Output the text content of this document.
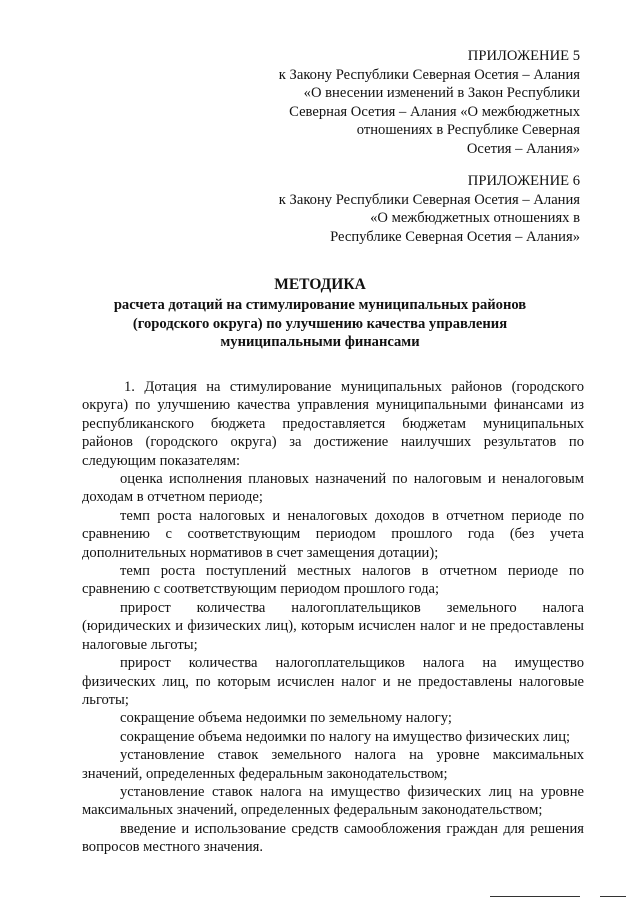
ПРИЛОЖЕНИЕ 5
к Закону Республики Северная Осетия – Алания
«О внесении изменений в Закон Республики
Северная Осетия – Алания «О межбюджетных
отношениях в Республике Северная
Осетия – Алания»
ПРИЛОЖЕНИЕ 6
к Закону Республики Северная Осетия – Алания
«О межбюджетных отношениях в
Республике Северная Осетия – Алания»
МЕТОДИКА
расчета дотаций на стимулирование муниципальных районов
(городского округа) по улучшению качества управления
муниципальными финансами

1. Дотация на стимулирование муниципальных районов (городского округа) по улучшению качества управления муниципальными финансами из республиканского бюджета предоставляется бюджетам муниципальных районов (городского округа) за достижение наилучших результатов по следующим показателям:

оценка исполнения плановых назначений по налоговым и неналоговым доходам в отчетном периоде;

темп роста налоговых и неналоговых доходов в отчетном периоде по сравнению с соответствующим периодом прошлого года (без учета дополнительных нормативов в счет замещения дотации);

темп роста поступлений местных налогов в отчетном периоде по сравнению с соответствующим периодом прошлого года;

прирост количества налогоплательщиков земельного налога (юридических и физических лиц), которым исчислен налог и не предоставлены налоговые льготы;

прирост количества налогоплательщиков налога на имущество физических лиц, по которым исчислен налог и не предоставлены налоговые льготы;

сокращение объема недоимки по земельному налогу;

сокращение объема недоимки по налогу на имущество физических лиц;

установление ставок земельного налога на уровне максимальных значений, определенных федеральным законодательством;

установление ставок налога на имущество физических лиц на уровне максимальных значений, определенных федеральным законодательством;

введение и использование средств самообложения граждан для решения вопросов местного значения.
